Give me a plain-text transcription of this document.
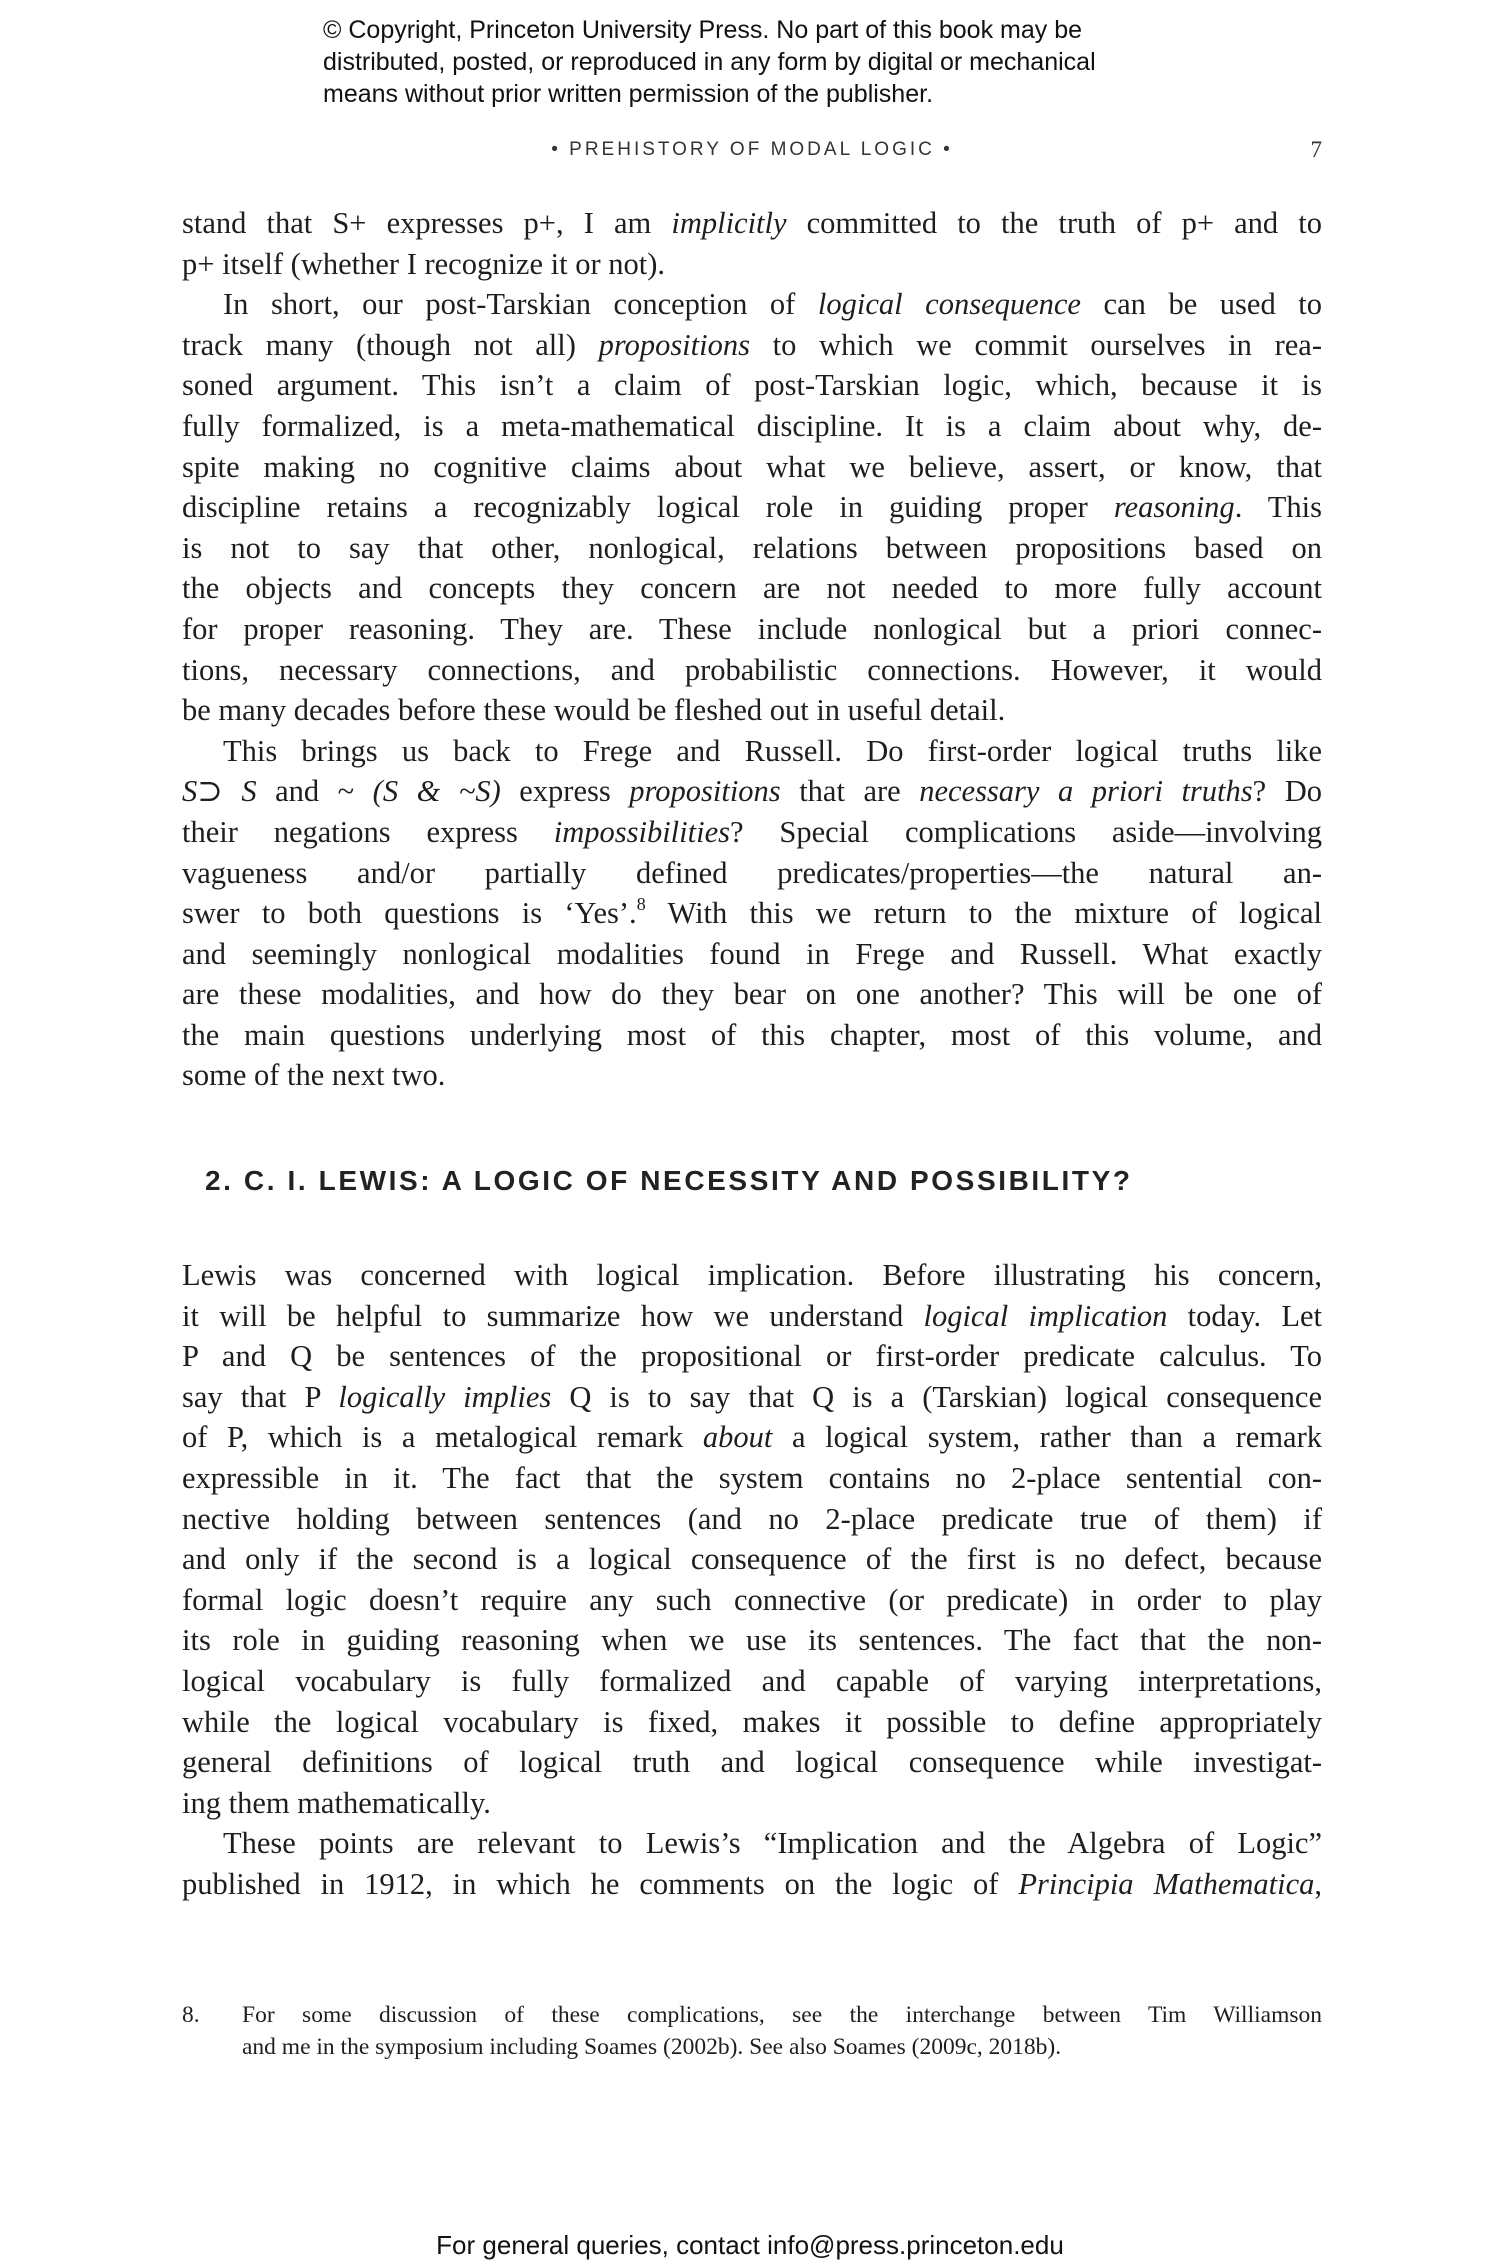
© Copyright, Princeton University Press. No part of this book may be
distributed, posted, or reproduced in any form by digital or mechanical
means without prior written permission of the publisher.
• PREHISTORY OF MODAL LOGIC •	7
stand that S+ expresses p+, I am implicitly committed to the truth of p+ and to
p+ itself (whether I recognize it or not).
In short, our post-Tarskian conception of logical consequence can be used to
track many (though not all) propositions to which we commit ourselves in rea-
soned argument. This isn’t a claim of post-Tarskian logic, which, because it is
fully formalized, is a meta-mathematical discipline. It is a claim about why, de-
spite making no cognitive claims about what we believe, assert, or know, that
discipline retains a recognizably logical role in guiding proper reasoning. This
is not to say that other, nonlogical, relations between propositions based on
the objects and concepts they concern are not needed to more fully account
for proper reasoning. They are. These include nonlogical but a priori connec-
tions, necessary connections, and probabilistic connections. However, it would
be many decades before these would be fleshed out in useful detail.
This brings us back to Frege and Russell. Do first-order logical truths like
S⊃ S and ~ (S & ~S) express propositions that are necessary a priori truths? Do
their negations express impossibilities? Special complications aside—involving
vagueness and/or partially defined predicates/properties—the natural an-
swer to both questions is ‘Yes’.$^8$ With this we return to the mixture of logical
and seemingly nonlogical modalities found in Frege and Russell. What exactly
are these modalities, and how do they bear on one another? This will be one of
the main questions underlying most of this chapter, most of this volume, and
some of the next two.
2. C. I. LEWIS: A LOGIC OF NECESSITY AND POSSIBILITY?
Lewis was concerned with logical implication. Before illustrating his concern,
it will be helpful to summarize how we understand logical implication today. Let
P and Q be sentences of the propositional or first-order predicate calculus. To
say that P logically implies Q is to say that Q is a (Tarskian) logical consequence
of P, which is a metalogical remark about a logical system, rather than a remark
expressible in it. The fact that the system contains no 2-place sentential con-
nective holding between sentences (and no 2-place predicate true of them) if
and only if the second is a logical consequence of the first is no defect, because
formal logic doesn’t require any such connective (or predicate) in order to play
its role in guiding reasoning when we use its sentences. The fact that the non-
logical vocabulary is fully formalized and capable of varying interpretations,
while the logical vocabulary is fixed, makes it possible to define appropriately
general definitions of logical truth and logical consequence while investigat-
ing them mathematically.
These points are relevant to Lewis’s “Implication and the Algebra of Logic”
published in 1912, in which he comments on the logic of Principia Mathematica,
8. For some discussion of these complications, see the interchange between Tim Williamson
and me in the symposium including Soames (2002b). See also Soames (2009c, 2018b).
For general queries, contact info@press.princeton.edu
